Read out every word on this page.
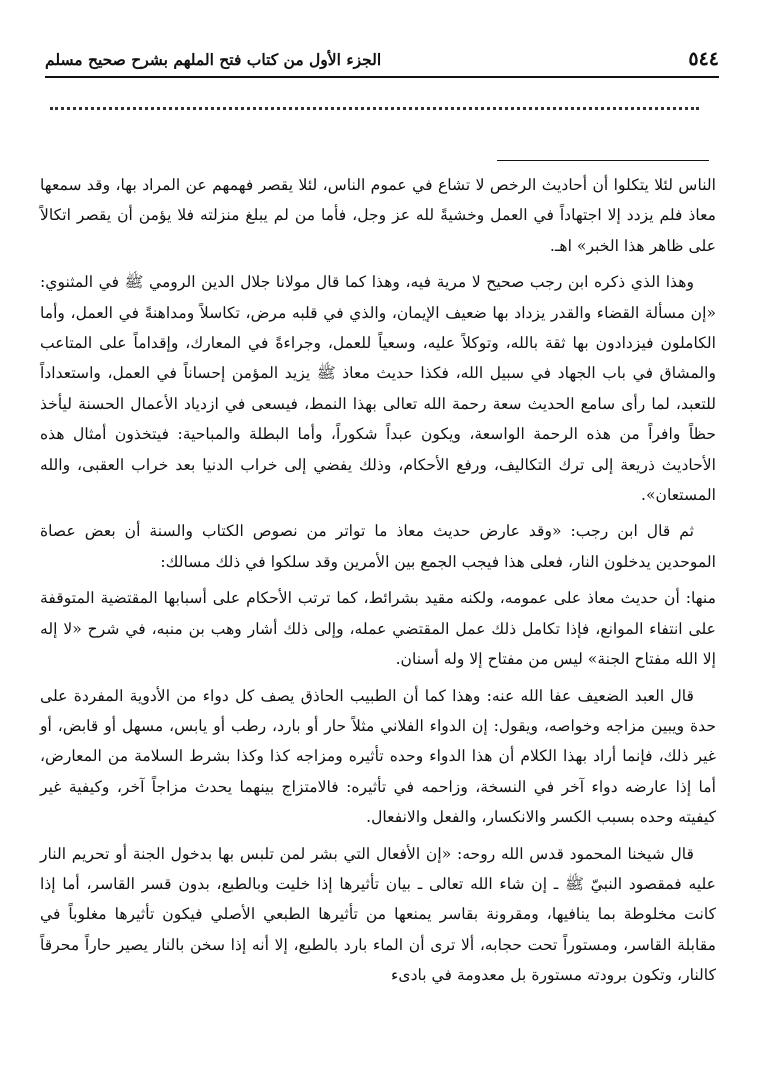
٥٤٤
الجزء الأول من كتاب فتح الملهم بشرح صحيح مسلم

الناس لئلا يتكلوا أن أحاديث الرخص لا تشاع في عموم الناس، لئلا يقصر فهمهم عن المراد بها، وقد سمعها معاذ فلم يزدد إلا اجتهاداً في العمل وخشيةً لله عز وجل، فأما من لم يبلغ منزلته فلا يؤمن أن يقصر اتكالاً على ظاهر هذا الخبر» اهـ.

وهذا الذي ذكره ابن رجب صحيح لا مرية فيه، وهذا كما قال مولانا جلال الدين الرومي ﷺ في المثنوي: «إن مسألة القضاء والقدر يزداد بها ضعيف الإيمان، والذي في قلبه مرض، تكاسلاً ومداهنةً في العمل، وأما الكاملون فيزدادون بها ثقة بالله، وتوكلاً عليه، وسعياً للعمل، وجراءةً في المعارك، وإقداماً على المتاعب والمشاق في باب الجهاد في سبيل الله، فكذا حديث معاذ ﷺ يزيد المؤمن إحساناً في العمل، واستعداداً للتعبد، لما رأى سامع الحديث سعة رحمة الله تعالى بهذا النمط، فيسعى في ازدياد الأعمال الحسنة ليأخذ حظاً وافراً من هذه الرحمة الواسعة، ويكون عبداً شكوراً، وأما البطلة والمباحية: فيتخذون أمثال هذه الأحاديث ذريعة إلى ترك التكاليف، ورفع الأحكام، وذلك يفضي إلى خراب الدنيا بعد خراب العقبى، والله المستعان».

ثم قال ابن رجب: «وقد عارض حديث معاذ ما تواتر من نصوص الكتاب والسنة أن بعض عصاة الموحدين يدخلون النار، فعلى هذا فيجب الجمع بين الأمرين وقد سلكوا في ذلك مسالك:

منها: أن حديث معاذ على عمومه، ولكنه مقيد بشرائط، كما ترتب الأحكام على أسبابها المقتضية المتوقفة على انتفاء الموانع، فإذا تكامل ذلك عمل المقتضي عمله، وإلى ذلك أشار وهب بن منبه، في شرح «لا إله إلا الله مفتاح الجنة» ليس من مفتاح إلا وله أسنان.

قال العبد الضعيف عفا الله عنه: وهذا كما أن الطبيب الحاذق يصف كل دواء من الأدوية المفردة على حدة ويبين مزاجه وخواصه، ويقول: إن الدواء الفلاني مثلاً حار أو بارد، رطب أو يابس، مسهل أو قابض، أو غير ذلك، فإنما أراد بهذا الكلام أن هذا الدواء وحده تأثيره ومزاجه كذا وكذا بشرط السلامة من المعارض، أما إذا عارضه دواء آخر في النسخة، وزاحمه في تأثيره: فالامتزاج بينهما يحدث مزاجاً آخر، وكيفية غير كيفيته وحده بسبب الكسر والانكسار، والفعل والانفعال.

قال شيخنا المحمود قدس الله روحه: «إن الأفعال التي بشر لمن تلبس بها بدخول الجنة أو تحريم النار عليه فمقصود النبيّ ﷺ ـ إن شاء الله تعالى ـ بيان تأثيرها إذا خليت وبالطبع، بدون قسر القاسر، أما إذا كانت مخلوطة بما ينافيها، ومقرونة بقاسر يمنعها من تأثيرها الطبعي الأصلي فيكون تأثيرها مغلوباً في مقابلة القاسر، ومستوراً تحت حجابه، ألا ترى أن الماء بارد بالطبع، إلا أنه إذا سخن بالنار يصير حاراً محرقاً كالنار، وتكون برودته مستورة بل معدومة في بادىء
